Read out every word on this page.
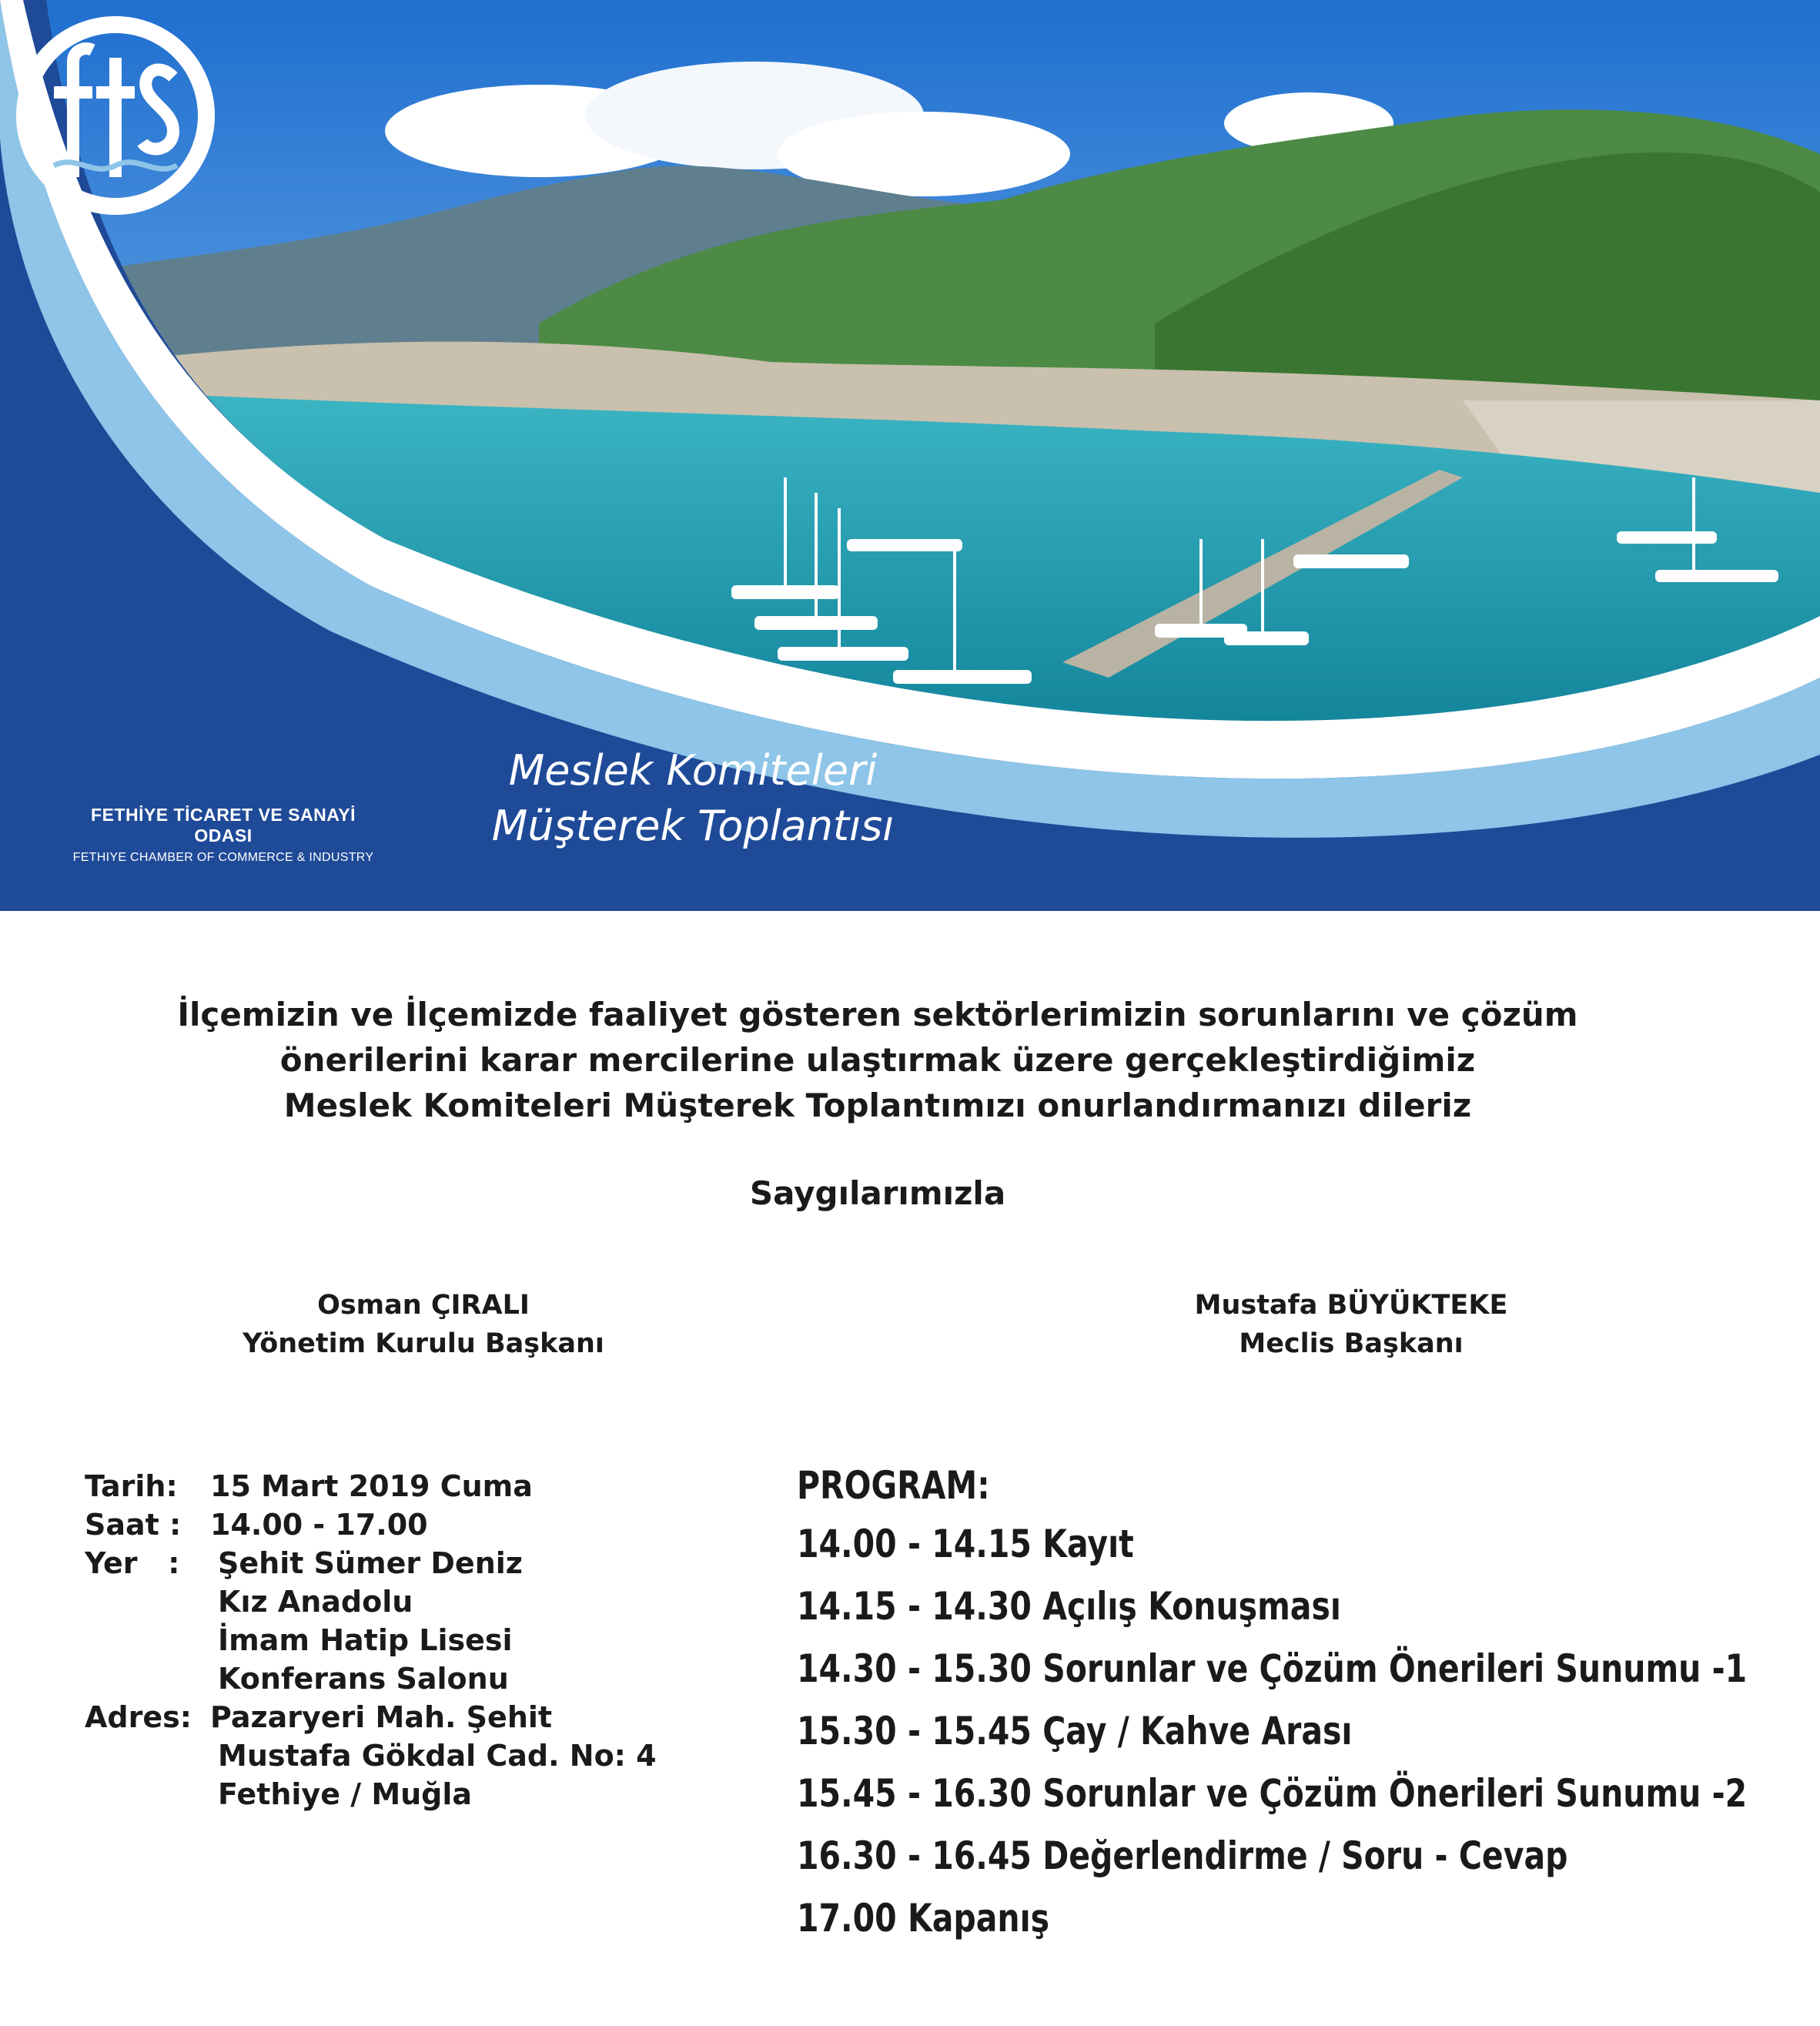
FETHİYE TİCARET VE SANAYİ ODASI
FETHIYE CHAMBER OF COMMERCE & INDUSTRY
Meslek Komiteleri
Müşterek Toplantısı
İlçemizin ve İlçemizde faaliyet gösteren sektörlerimizin sorunlarını ve çözüm
önerilerini karar mercilerine ulaştırmak üzere gerçekleştirdiğimiz
Meslek Komiteleri Müşterek Toplantımızı onurlandırmanızı dileriz
Saygılarımızla
Osman ÇIRALI
Yönetim Kurulu Başkanı
Mustafa BÜYÜKTEKE
Meclis Başkanı
Tarih:	15 Mart 2019 Cuma
Saat : 14.00 - 17.00
Yer   :	Şehit Sümer Deniz
Kız Anadolu
İmam Hatip Lisesi
Konferans Salonu
Adres: Pazaryeri Mah. Şehit
Mustafa Gökdal Cad. No: 4
Fethiye / Muğla
PROGRAM:
14.00 - 14.15 Kayıt
14.15 - 14.30 Açılış Konuşması
14.30 - 15.30 Sorunlar ve Çözüm Önerileri Sunumu -1
15.30 - 15.45 Çay / Kahve Arası
15.45 - 16.30 Sorunlar ve Çözüm Önerileri Sunumu -2
16.30 - 16.45 Değerlendirme / Soru - Cevap
17.00 Kapanış
